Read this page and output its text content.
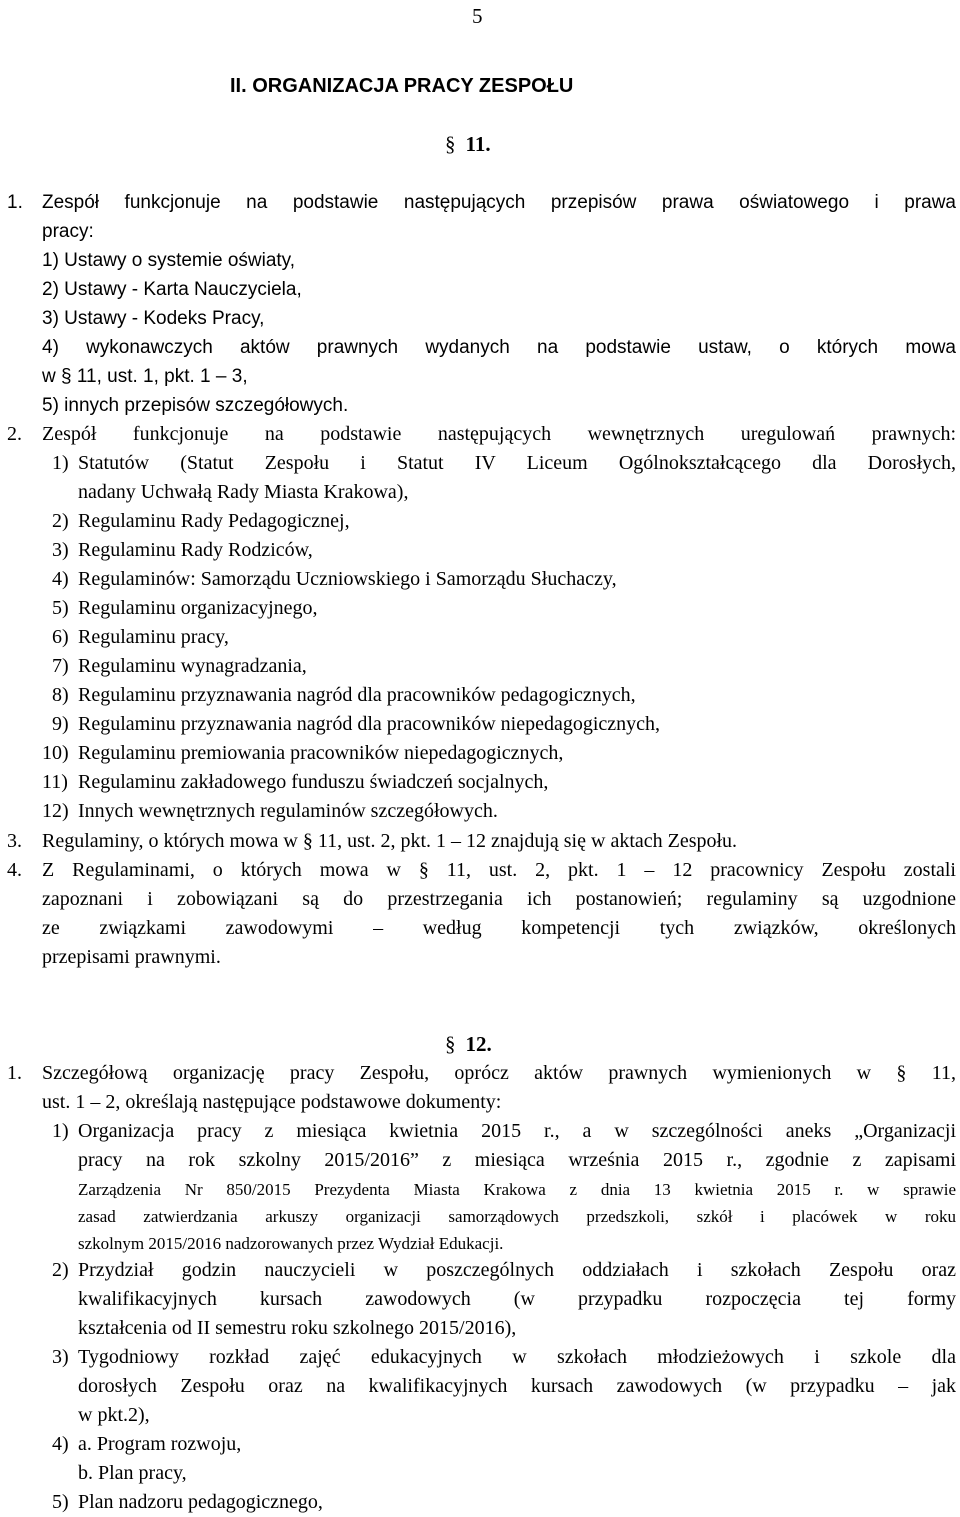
5
II. ORGANIZACJA PRACY ZESPOŁU
§ 11.
1. Zespół funkcjonuje na podstawie następujących przepisów prawa oświatowego i prawa
pracy:
1) Ustawy o systemie oświaty,
2) Ustawy - Karta Nauczyciela,
3) Ustawy - Kodeks Pracy,
4) wykonawczych aktów prawnych wydanych na podstawie ustaw, o których mowa
w § 11, ust. 1, pkt. 1 – 3,
5) innych przepisów szczegółowych.
2. Zespół funkcjonuje na podstawie następujących wewnętrznych uregulowań prawnych:
1) Statutów (Statut Zespołu i Statut IV Liceum Ogólnokształcącego dla Dorosłych,
nadany Uchwałą Rady Miasta Krakowa),
2) Regulaminu Rady Pedagogicznej,
3) Regulaminu Rady Rodziców,
4) Regulaminów: Samorządu Uczniowskiego i Samorządu Słuchaczy,
5) Regulaminu organizacyjnego,
6) Regulaminu pracy,
7) Regulaminu wynagradzania,
8) Regulaminu przyznawania nagród dla pracowników pedagogicznych,
9) Regulaminu przyznawania nagród dla pracowników niepedagogicznych,
10) Regulaminu premiowania pracowników niepedagogicznych,
11) Regulaminu zakładowego funduszu świadczeń socjalnych,
12) Innych wewnętrznych regulaminów szczegółowych.
3. Regulaminy, o których mowa w § 11, ust. 2, pkt. 1 – 12 znajdują się w aktach Zespołu.
4. Z Regulaminami, o których mowa w § 11, ust. 2, pkt. 1 – 12 pracownicy Zespołu zostali
zapoznani i zobowiązani są do przestrzegania ich postanowień; regulaminy są uzgodnione
ze związkami zawodowymi – według kompetencji tych związków, określonych
przepisami prawnymi.
§ 12.
1. Szczegółową organizację pracy Zespołu, oprócz aktów prawnych wymienionych w § 11,
ust. 1 – 2, określają następujące podstawowe dokumenty:
1) Organizacja pracy z miesiąca kwietnia 2015 r., a w szczególności aneks „Organizacji
pracy na rok szkolny 2015/2016” z miesiąca września 2015 r., zgodnie z zapisami
Zarządzenia Nr 850/2015 Prezydenta Miasta Krakowa z dnia 13 kwietnia 2015 r. w sprawie
zasad zatwierdzania arkuszy organizacji samorządowych przedszkoli, szkół i placówek w roku
szkolnym 2015/2016 nadzorowanych przez Wydział Edukacji.
2) Przydział godzin nauczycieli w poszczególnych oddziałach i szkołach Zespołu oraz
kwalifikacyjnych kursach zawodowych (w przypadku rozpoczęcia tej formy
kształcenia od II semestru roku szkolnego 2015/2016),
3) Tygodniowy rozkład zajęć edukacyjnych w szkołach młodzieżowych i szkole dla
dorosłych Zespołu oraz na kwalifikacyjnych kursach zawodowych (w przypadku – jak
w pkt.2),
4) a. Program rozwoju,
b. Plan pracy,
5) Plan nadzoru pedagogicznego,
